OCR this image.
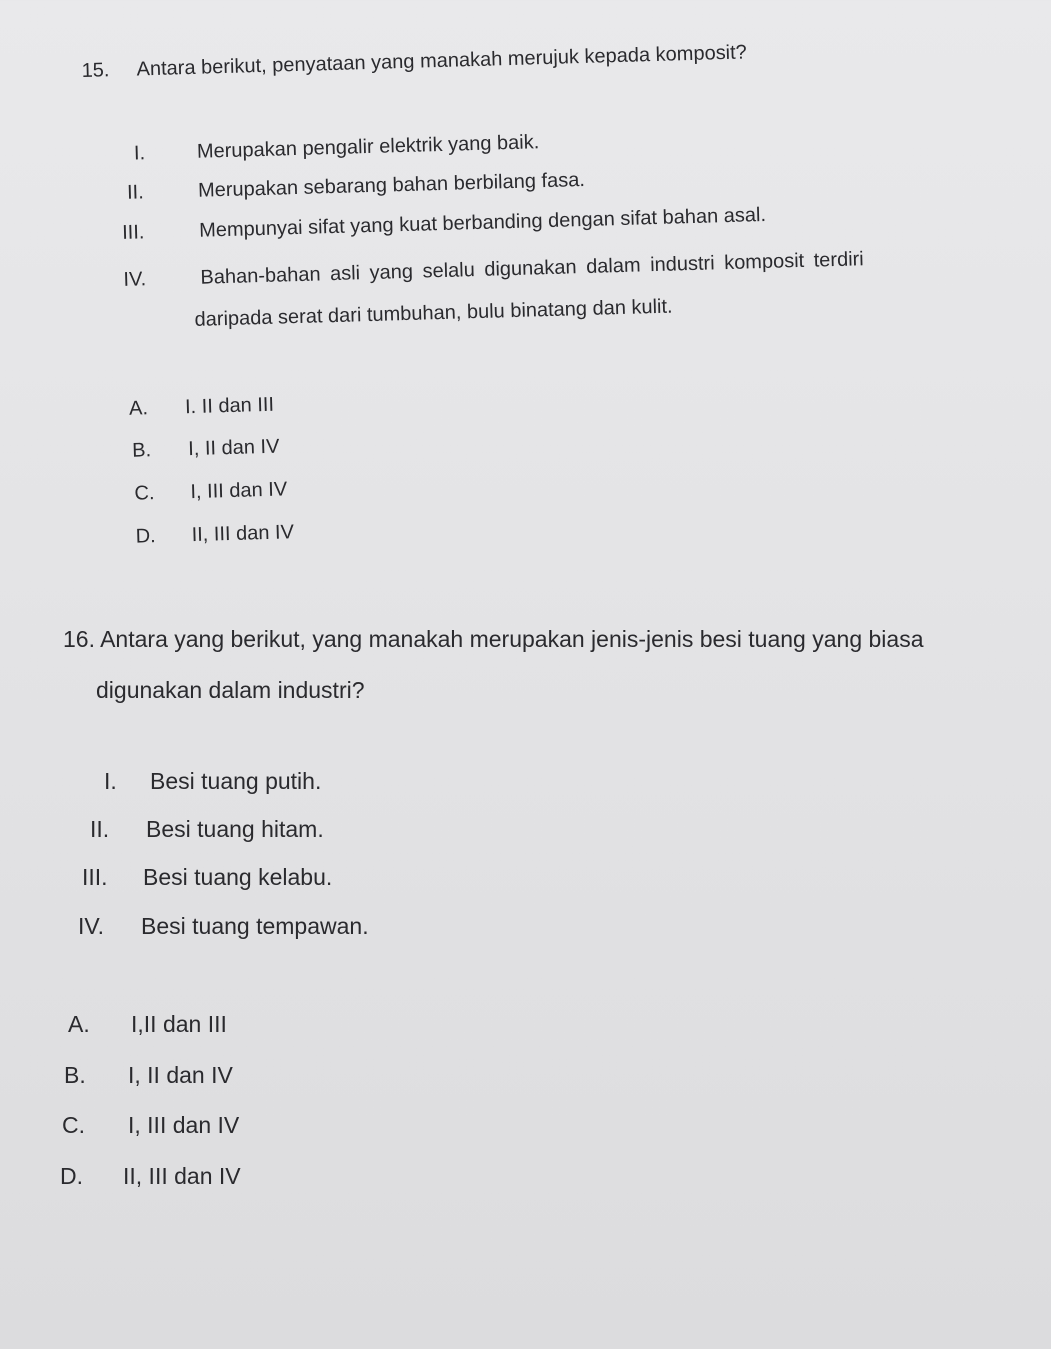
15. Antara berikut, penyataan yang manakah merujuk kepada komposit?
I.	Merupakan pengalir elektrik yang baik.
II.	Merupakan sebarang bahan berbilang fasa.
III.	Mempunyai sifat yang kuat berbanding dengan sifat bahan asal.
IV.	Bahan-bahan asli yang selalu digunakan dalam industri komposit terdiri
daripada serat dari tumbuhan, bulu binatang dan kulit.
A. I. II dan III
B. I, II dan IV
C. I, III dan IV
D. II, III dan IV
16. Antara yang berikut, yang manakah merupakan jenis-jenis besi tuang yang biasa
digunakan dalam industri?
I. Besi tuang putih.
II. Besi tuang hitam.
III. Besi tuang kelabu.
IV. Besi tuang tempawan.
A. I,II dan III
B. I, II dan IV
C. I, III dan IV
D. II, III dan IV
